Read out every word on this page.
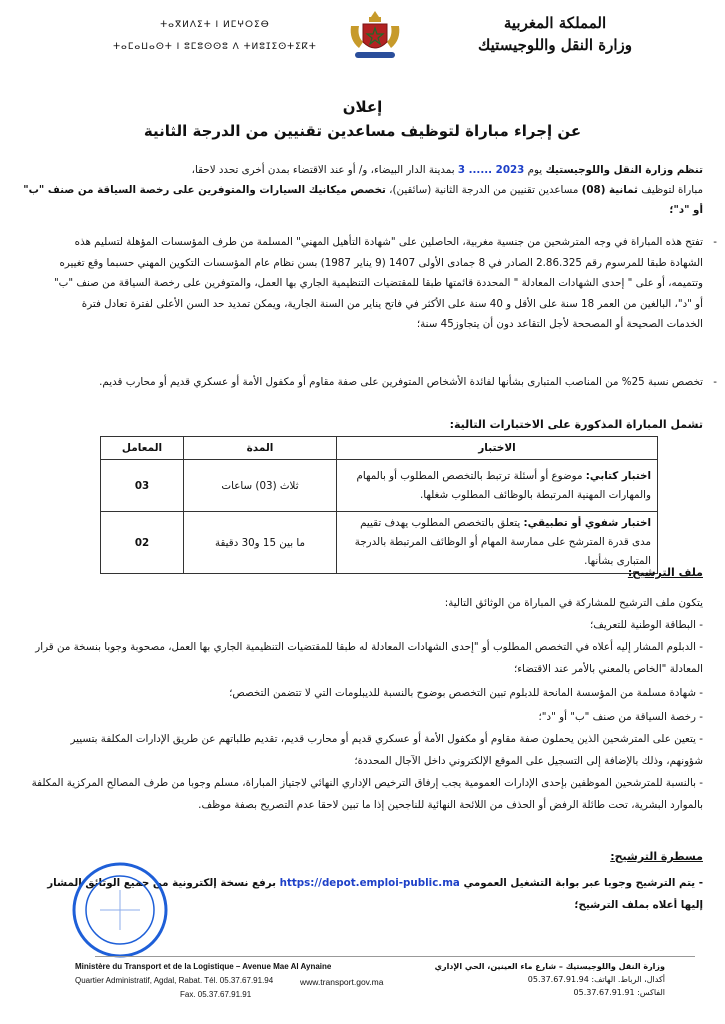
المملكة المغربية
وزارة النقل واللوجيستيك
ⵜⴰⴳⵍⴷⵉⵜ ⵏ ⵍⵎⵖⵔⵉⴱ
ⵜⴰⵎⴰⵡⴰⵙⵜ ⵏ ⵓⵎⵓⵙⵙⵓ ⴷ ⵜⵍⵓⵊⵉⵙⵜⵉⴽⵜ
إعلان
عن إجراء مباراة لتوظيف مساعدين تقنيين من الدرجة الثانية
تنظم وزارة النقل واللوجيستيك يوم 2023 ...... 3 بمدينة الدار البيضاء، و/ أو عند الاقتضاء بمدن أخرى تحدد لاحقا،
مباراة لتوظيف ثمانية (08) مساعدين تقنيين من الدرجة الثانية (سائقين)، تخصص ميكانيك السيارات والمتوفرين على رخصة السياقة من صنف "ب" أو "د"؛
- تفتح هذه المباراة في وجه المترشحين من جنسية مغربية، الحاصلين على "شهادة التأهيل المهني" المسلمة من طرف المؤسسات المؤهلة لتسليم هذه الشهادة طبقا للمرسوم رقم 2.86.325 الصادر في 8 جمادى الأولى 1407 (9 يناير 1987) بسن نظام عام المؤسسات التكوين المهني حسبما وقع تغييره وتتميمه، أو على " إحدى الشهادات المعادلة " المحددة قائمتها طبقا للمقتضيات التنظيمية الجاري بها العمل، والمتوفرين على رخصة السياقة من صنف "ب" أو "د"، البالغين من العمر 18 سنة على الأقل و 40 سنة على الأكثر في فاتح يناير من السنة الجارية، ويمكن تمديد حد السن الأعلى لفترة تعادل فترة الخدمات الصحيحة أو المصححة لأجل التقاعد دون أن يتجاوز45 سنة؛
- تخصص نسبة 25% من المناصب المتبارى بشأنها لفائدة الأشخاص المتوفرين على صفة مقاوم أو مكفول الأمة أو عسكري قديم أو محارب قديم.
تشمل المباراة المذكورة على الاختبارات التالية:
الاختبار	المدة	المعامل
اختبار كتابي: موضوع أو أسئلة ترتبط بالتخصص المطلوب أو بالمهام والمهارات المهنية المرتبطة بالوظائف المطلوب شغلها.	ثلاث (03) ساعات	03
اختبار شفوي أو تطبيقي: يتعلق بالتخصص المطلوب يهدف تقييم مدى قدرة المترشح على ممارسة المهام أو الوظائف المرتبطة بالدرجة المتبارى بشأنها.	ما بين 15 و30 دقيقة	02
ملف الترشيح:
يتكون ملف الترشيح للمشاركة في المباراة من الوثائق التالية:
- البطاقة الوطنية للتعريف؛
- الدبلوم المشار إليه أعلاه في التخصص المطلوب أو "إحدى الشهادات المعادلة له طبقا للمقتضيات التنظيمية الجاري بها العمل، مصحوبة وجوبا بنسخة من قرار المعادلة "الخاص بالمعني بالأمر عند الاقتضاء؛
- شهادة مسلمة من المؤسسة المانحة للدبلوم تبين التخصص بوضوح بالنسبة للديبلومات التي لا تتضمن التخصص؛
- رخصة السياقة من صنف "ب" أو "د"؛
- يتعين على المترشحين الذين يحملون صفة مقاوم أو مكفول الأمة أو عسكري قديم أو محارب قديم، تقديم طلباتهم عن طريق الإدارات المكلفة بتسيير شؤونهم، وذلك بالإضافة إلى التسجيل على الموقع الإلكتروني داخل الآجال المحددة؛
- بالنسبة للمترشحين الموظفين بإحدى الإدارات العمومية يجب إرفاق الترخيص الإداري النهائي لاجتياز المباراة، مسلم وجوبا من طرف المصالح المركزية المكلفة بالموارد البشرية، تحت طائلة الرفض أو الحذف من اللائحة النهائية للناجحين إذا ما تبين لاحقا عدم التصريح بصفة موظف.
مسطرة الترشيح:
- يتم الترشيح وجوبا عبر بوابة التشغيل العمومي https://depot.emploi-public.ma برفع نسخة إلكترونية من جميع الوثائق المشار إليها أعلاه بملف الترشيح؛
Ministère du Transport et de la Logistique – Avenue Mae Al Aynaine
Quartier Administratif, Agdal, Rabat. Tél. 05.37.67.91.94
Fax. 05.37.67.91.91
www.transport.gov.ma
وزارة النقل واللوجيستيك – شارع ماء العينين، الحي الإداري
أكدال، الرباط. الهاتف: 05.37.67.91.94
الفاكس: 05.37.67.91.91
